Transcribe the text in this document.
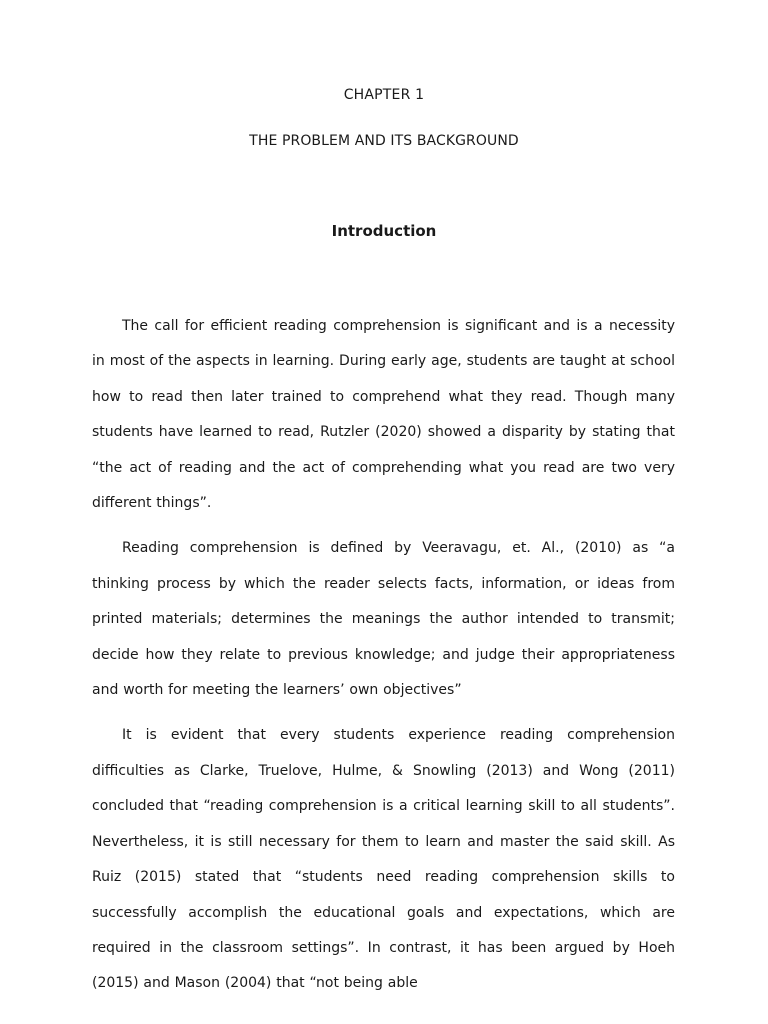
CHAPTER 1
THE PROBLEM AND ITS BACKGROUND
Introduction

The call for efficient reading comprehension is significant and is a necessity in most of the aspects in learning. During early age, students are taught at school how to read then later trained to comprehend what they read. Though many students have learned to read, Rutzler (2020) showed a disparity by stating that “the act of reading and the act of comprehending what you read are two very different things”.

Reading comprehension is defined by Veeravagu, et. Al., (2010) as “a thinking process by which the reader selects facts, information, or ideas from printed materials; determines the meanings the author intended to transmit; decide how they relate to previous knowledge; and judge their appropriateness and worth for meeting the learners’ own objectives”

It is evident that every students experience reading comprehension difficulties as Clarke, Truelove, Hulme, & Snowling (2013) and Wong (2011) concluded that “reading comprehension is a critical learning skill to all students”. Nevertheless, it is still necessary for them to learn and master the said skill. As Ruiz (2015) stated that “students need reading comprehension skills to successfully accomplish the educational goals and expectations, which are required in the classroom settings”. In contrast, it has been argued by Hoeh (2015) and Mason (2004) that “not being able
